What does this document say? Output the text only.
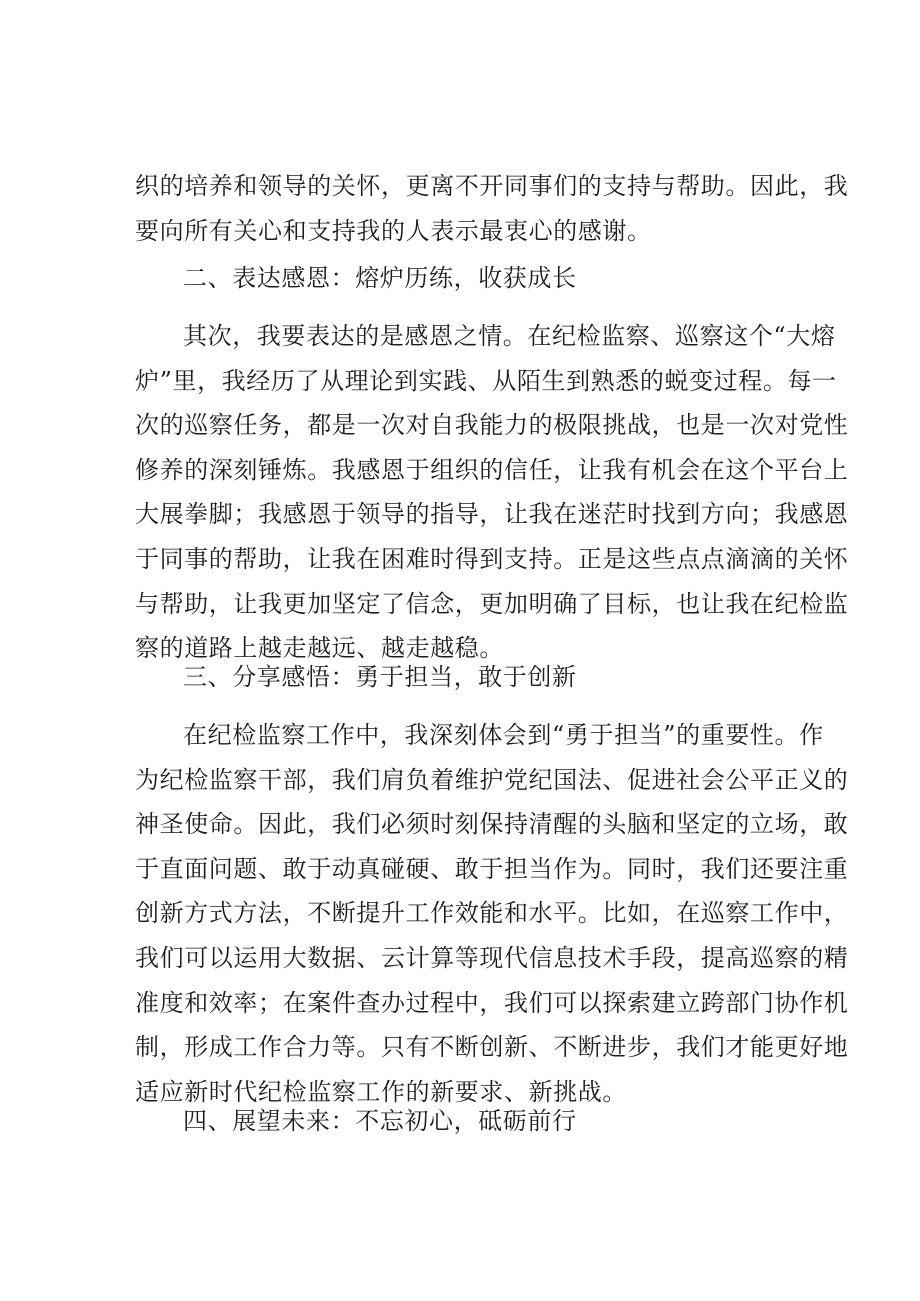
织的培养和领导的关怀，更离不开同事们的支持与帮助。因此，我
要向所有关心和支持我的人表示最衷心的感谢。
二、表达感恩：熔炉历练，收获成长
其次，我要表达的是感恩之情。在纪检监察、巡察这个“大熔
炉”里，我经历了从理论到实践、从陌生到熟悉的蜕变过程。每一
次的巡察任务，都是一次对自我能力的极限挑战，也是一次对党性
修养的深刻锤炼。我感恩于组织的信任，让我有机会在这个平台上
大展拳脚；我感恩于领导的指导，让我在迷茫时找到方向；我感恩
于同事的帮助，让我在困难时得到支持。正是这些点点滴滴的关怀
与帮助，让我更加坚定了信念，更加明确了目标，也让我在纪检监
察的道路上越走越远、越走越稳。
三、分享感悟：勇于担当，敢于创新
在纪检监察工作中，我深刻体会到“勇于担当”的重要性。作
为纪检监察干部，我们肩负着维护党纪国法、促进社会公平正义的
神圣使命。因此，我们必须时刻保持清醒的头脑和坚定的立场，敢
于直面问题、敢于动真碰硬、敢于担当作为。同时，我们还要注重
创新方式方法，不断提升工作效能和水平。比如，在巡察工作中，
我们可以运用大数据、云计算等现代信息技术手段，提高巡察的精
准度和效率；在案件查办过程中，我们可以探索建立跨部门协作机
制，形成工作合力等。只有不断创新、不断进步，我们才能更好地
适应新时代纪检监察工作的新要求、新挑战。
四、展望未来：不忘初心，砥砺前行
